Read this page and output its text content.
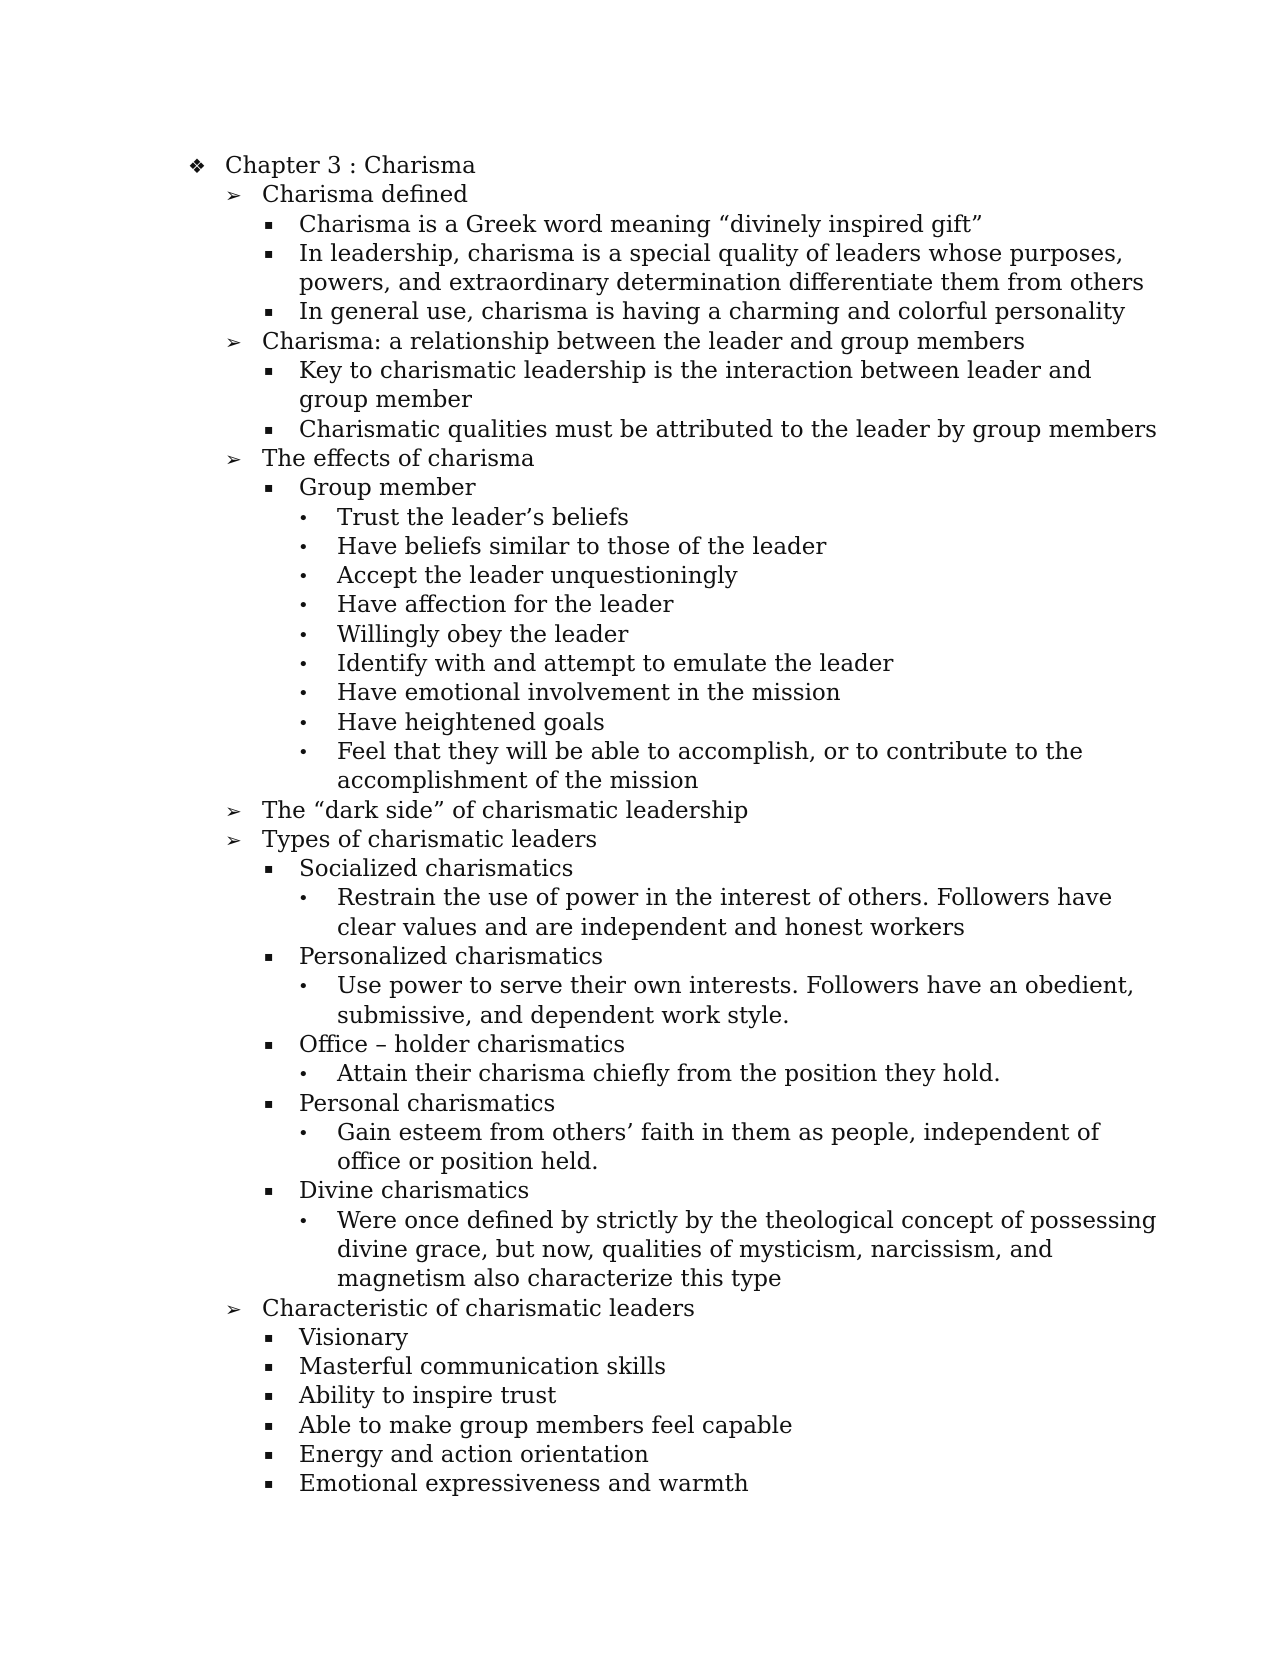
❖ Chapter 3 : Charisma
➢ Charisma defined
▪ Charisma is a Greek word meaning “divinely inspired gift”
▪ In leadership, charisma is a special quality of leaders whose purposes,
powers, and extraordinary determination differentiate them from others
▪ In general use, charisma is having a charming and colorful personality
➢ Charisma: a relationship between the leader and group members
▪ Key to charismatic leadership is the interaction between leader and
group member
▪ Charismatic qualities must be attributed to the leader by group members
➢ The effects of charisma
▪ Group member
• Trust the leader’s beliefs
• Have beliefs similar to those of the leader
• Accept the leader unquestioningly
• Have affection for the leader
• Willingly obey the leader
• Identify with and attempt to emulate the leader
• Have emotional involvement in the mission
• Have heightened goals
• Feel that they will be able to accomplish, or to contribute to the
accomplishment of the mission
➢ The “dark side” of charismatic leadership
➢ Types of charismatic leaders
▪ Socialized charismatics
• Restrain the use of power in the interest of others. Followers have
clear values and are independent and honest workers
▪ Personalized charismatics
• Use power to serve their own interests. Followers have an obedient,
submissive, and dependent work style.
▪ Office – holder charismatics
• Attain their charisma chiefly from the position they hold.
▪ Personal charismatics
• Gain esteem from others’ faith in them as people, independent of
office or position held.
▪ Divine charismatics
• Were once defined by strictly by the theological concept of possessing
divine grace, but now, qualities of mysticism, narcissism, and
magnetism also characterize this type
➢ Characteristic of charismatic leaders
▪ Visionary
▪ Masterful communication skills
▪ Ability to inspire trust
▪ Able to make group members feel capable
▪ Energy and action orientation
▪ Emotional expressiveness and warmth
